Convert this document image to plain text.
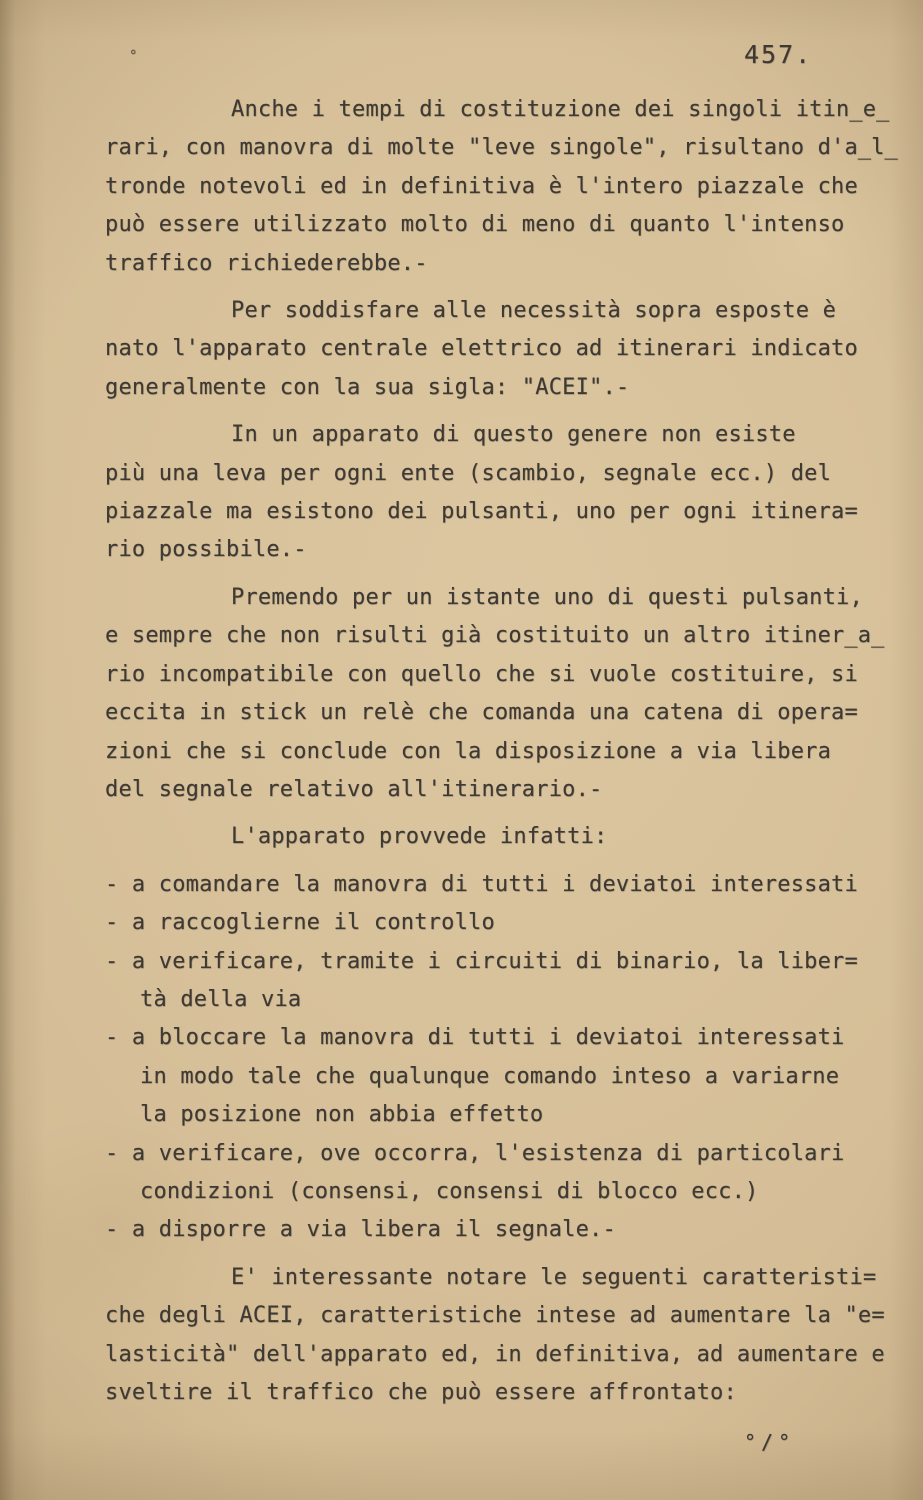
°	457.
Anche i tempi di costituzione dei singoli itin̲e̲
rari, con manovra di molte "leve singole", risultano d'a̲l̲
tronde notevoli ed in definitiva è l'intero piazzale che
può essere utilizzato molto di meno di quanto l'intenso
traffico richiederebbe.-
Per soddisfare alle necessità sopra esposte è
nato l'apparato centrale elettrico ad itinerari indicato
generalmente con la sua sigla: "ACEI".-
In un apparato di questo genere non esiste
più una leva per ogni ente (scambio, segnale ecc.) del
piazzale ma esistono dei pulsanti, uno per ogni itinera=
rio possibile.-
Premendo per un istante uno di questi pulsanti,
e sempre che non risulti già costituito un altro itiner̲a̲
rio incompatibile con quello che si vuole costituire, si
eccita in stick un relè che comanda una catena di opera=
zioni che si conclude con la disposizione a via libera
del segnale relativo all'itinerario.-
L'apparato provvede infatti:
- a comandare la manovra di tutti i deviatoi interessati
- a raccoglierne il controllo
- a verificare, tramite i circuiti di binario, la liber=
tà della via
- a bloccare la manovra di tutti i deviatoi interessati
in modo tale che qualunque comando inteso a variarne
la posizione non abbia effetto
- a verificare, ove occorra, l'esistenza di particolari
condizioni (consensi, consensi di blocco ecc.)
- a disporre a via libera il segnale.-
E' interessante notare le seguenti caratteristi=
che degli ACEI, caratteristiche intese ad aumentare la "e=
lasticità" dell'apparato ed, in definitiva, ad aumentare e
sveltire il traffico che può essere affrontato:
°/°
